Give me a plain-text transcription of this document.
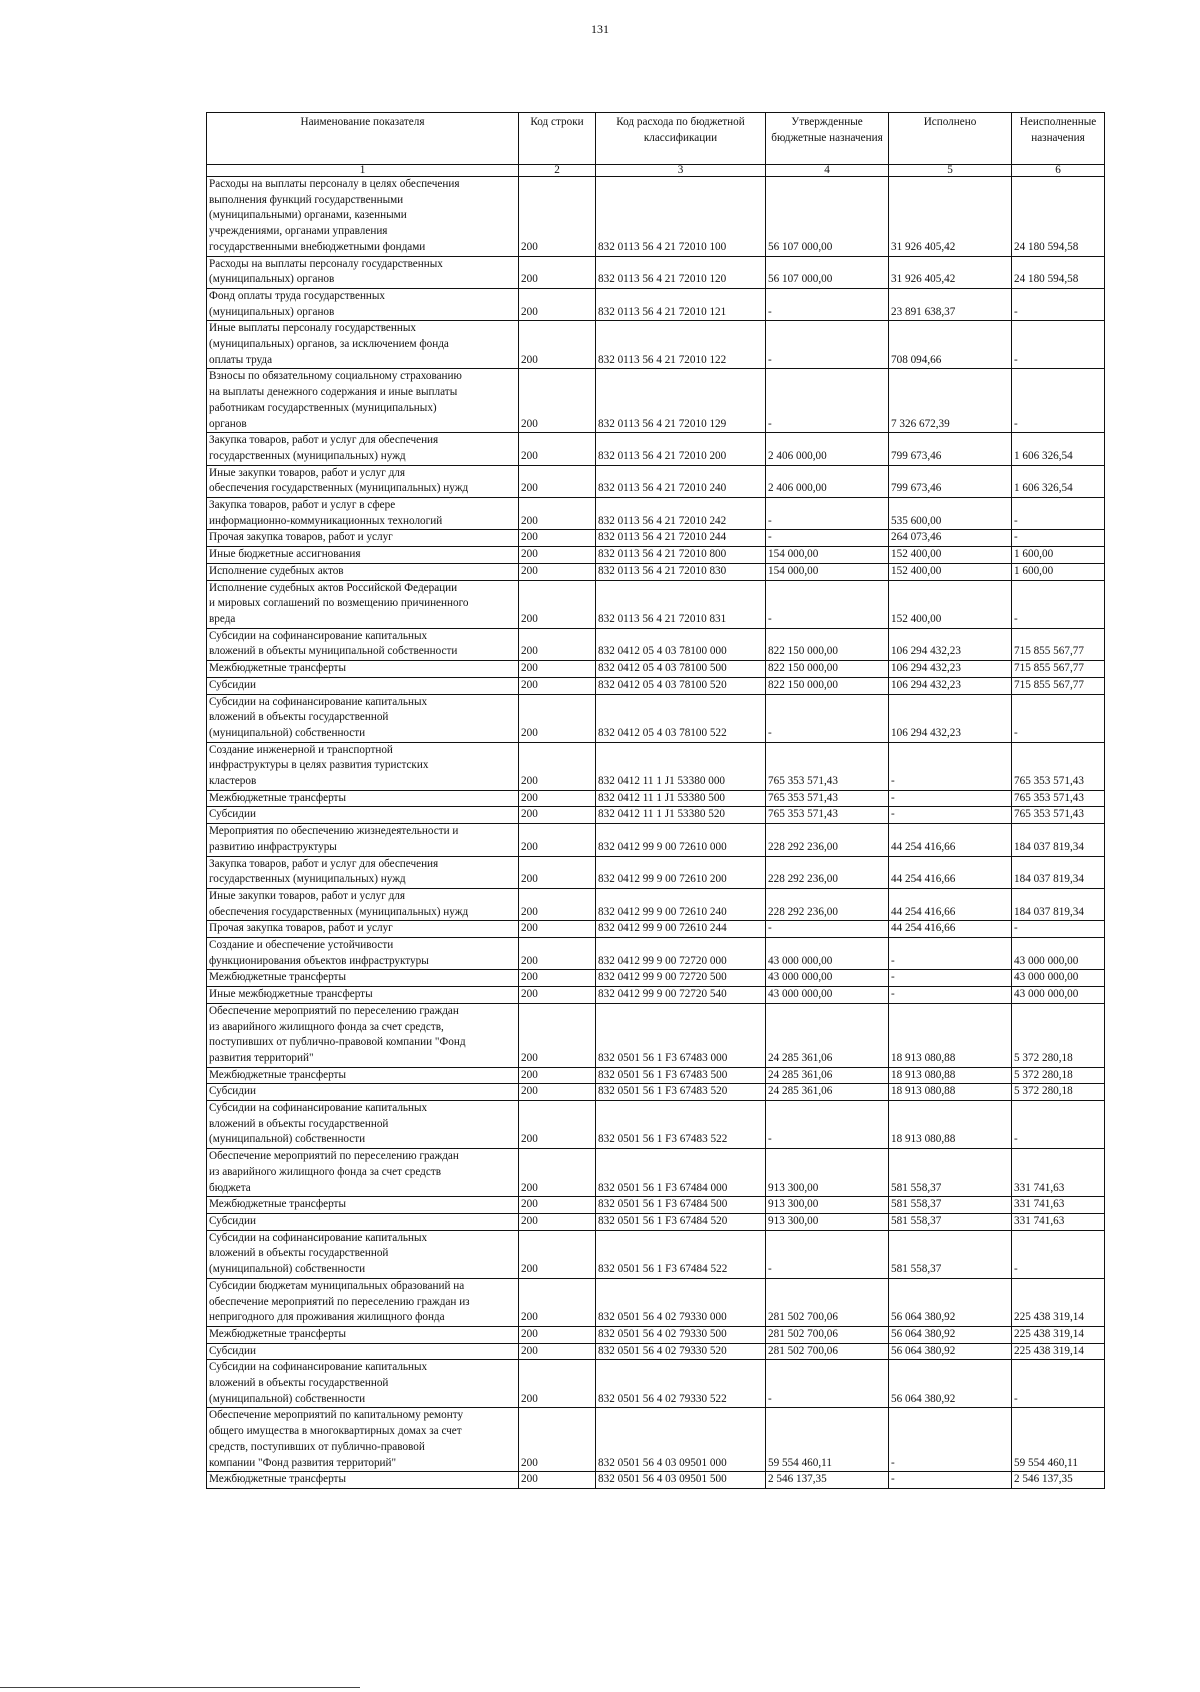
131
Наименование показателя	Код строки	Код расхода по бюджетной классификации	Утвержденные бюджетные назначения	Исполнено	Неисполненные назначения
1	2	3	4	5	6

Расходы на выплаты персоналу в целях обеспечения
выполнения функций государственными
(муниципальными) органами, казенными
учреждениями, органами управления
государственными внебюджетными фондами	200	832 0113 56 4 21 72010 100	56 107 000,00	31 926 405,42	24 180 594,58

Расходы на выплаты персоналу государственных
(муниципальных) органов	200	832 0113 56 4 21 72010 120	56 107 000,00	31 926 405,42	24 180 594,58

Фонд оплаты труда государственных
(муниципальных) органов	200	832 0113 56 4 21 72010 121	-	23 891 638,37	-

Иные выплаты персоналу государственных
(муниципальных) органов, за исключением фонда
оплаты труда	200	832 0113 56 4 21 72010 122	-	708 094,66	-

Взносы по обязательному социальному страхованию
на выплаты денежного содержания и иные выплаты
работникам государственных (муниципальных)
органов	200	832 0113 56 4 21 72010 129	-	7 326 672,39	-

Закупка товаров, работ и услуг для обеспечения
государственных (муниципальных) нужд	200	832 0113 56 4 21 72010 200	2 406 000,00	799 673,46	1 606 326,54

Иные закупки товаров, работ и услуг для
обеспечения государственных (муниципальных) нужд	200	832 0113 56 4 21 72010 240	2 406 000,00	799 673,46	1 606 326,54

Закупка товаров, работ и услуг в сфере
информационно-коммуникационных технологий	200	832 0113 56 4 21 72010 242	-	535 600,00	-

Прочая закупка товаров, работ и услуг	200	832 0113 56 4 21 72010 244	-	264 073,46	-

Иные бюджетные ассигнования	200	832 0113 56 4 21 72010 800	154 000,00	152 400,00	1 600,00

Исполнение судебных актов	200	832 0113 56 4 21 72010 830	154 000,00	152 400,00	1 600,00

Исполнение судебных актов Российской Федерации
и мировых соглашений по возмещению причиненного
вреда	200	832 0113 56 4 21 72010 831	-	152 400,00	-

Субсидии на софинансирование капитальных
вложений в объекты муниципальной собственности	200	832 0412 05 4 03 78100 000	822 150 000,00	106 294 432,23	715 855 567,77

Межбюджетные трансферты	200	832 0412 05 4 03 78100 500	822 150 000,00	106 294 432,23	715 855 567,77

Субсидии	200	832 0412 05 4 03 78100 520	822 150 000,00	106 294 432,23	715 855 567,77

Субсидии на софинансирование капитальных
вложений в объекты государственной
(муниципальной) собственности	200	832 0412 05 4 03 78100 522	-	106 294 432,23	-

Создание инженерной и транспортной
инфраструктуры в целях развития туристских
кластеров	200	832 0412 11 1 J1 53380 000	765 353 571,43	-	765 353 571,43

Межбюджетные трансферты	200	832 0412 11 1 J1 53380 500	765 353 571,43	-	765 353 571,43

Субсидии	200	832 0412 11 1 J1 53380 520	765 353 571,43	-	765 353 571,43

Мероприятия по обеспечению жизнедеятельности и
развитию инфраструктуры	200	832 0412 99 9 00 72610 000	228 292 236,00	44 254 416,66	184 037 819,34

Закупка товаров, работ и услуг для обеспечения
государственных (муниципальных) нужд	200	832 0412 99 9 00 72610 200	228 292 236,00	44 254 416,66	184 037 819,34

Иные закупки товаров, работ и услуг для
обеспечения государственных (муниципальных) нужд	200	832 0412 99 9 00 72610 240	228 292 236,00	44 254 416,66	184 037 819,34

Прочая закупка товаров, работ и услуг	200	832 0412 99 9 00 72610 244	-	44 254 416,66	-

Создание и обеспечение устойчивости
функционирования объектов инфраструктуры	200	832 0412 99 9 00 72720 000	43 000 000,00	-	43 000 000,00

Межбюджетные трансферты	200	832 0412 99 9 00 72720 500	43 000 000,00	-	43 000 000,00

Иные межбюджетные трансферты	200	832 0412 99 9 00 72720 540	43 000 000,00	-	43 000 000,00

Обеспечение мероприятий по переселению граждан
из аварийного жилищного фонда за счет средств,
поступивших от публично-правовой компании "Фонд
развития территорий"	200	832 0501 56 1 F3 67483 000	24 285 361,06	18 913 080,88	5 372 280,18

Межбюджетные трансферты	200	832 0501 56 1 F3 67483 500	24 285 361,06	18 913 080,88	5 372 280,18

Субсидии	200	832 0501 56 1 F3 67483 520	24 285 361,06	18 913 080,88	5 372 280,18

Субсидии на софинансирование капитальных
вложений в объекты государственной
(муниципальной) собственности	200	832 0501 56 1 F3 67483 522	-	18 913 080,88	-

Обеспечение мероприятий по переселению граждан
из аварийного жилищного фонда за счет средств
бюджета	200	832 0501 56 1 F3 67484 000	913 300,00	581 558,37	331 741,63

Межбюджетные трансферты	200	832 0501 56 1 F3 67484 500	913 300,00	581 558,37	331 741,63

Субсидии	200	832 0501 56 1 F3 67484 520	913 300,00	581 558,37	331 741,63

Субсидии на софинансирование капитальных
вложений в объекты государственной
(муниципальной) собственности	200	832 0501 56 1 F3 67484 522	-	581 558,37	-

Субсидии бюджетам муниципальных образований на
обеспечение мероприятий по переселению граждан из
непригодного для проживания жилищного фонда	200	832 0501 56 4 02 79330 000	281 502 700,06	56 064 380,92	225 438 319,14

Межбюджетные трансферты	200	832 0501 56 4 02 79330 500	281 502 700,06	56 064 380,92	225 438 319,14

Субсидии	200	832 0501 56 4 02 79330 520	281 502 700,06	56 064 380,92	225 438 319,14

Субсидии на софинансирование капитальных
вложений в объекты государственной
(муниципальной) собственности	200	832 0501 56 4 02 79330 522	-	56 064 380,92	-

Обеспечение мероприятий по капитальному ремонту
общего имущества в многоквартирных домах за счет
средств, поступивших от публично-правовой
компании "Фонд развития территорий"	200	832 0501 56 4 03 09501 000	59 554 460,11	-	59 554 460,11

Межбюджетные трансферты	200	832 0501 56 4 03 09501 500	2 546 137,35	-	2 546 137,35
